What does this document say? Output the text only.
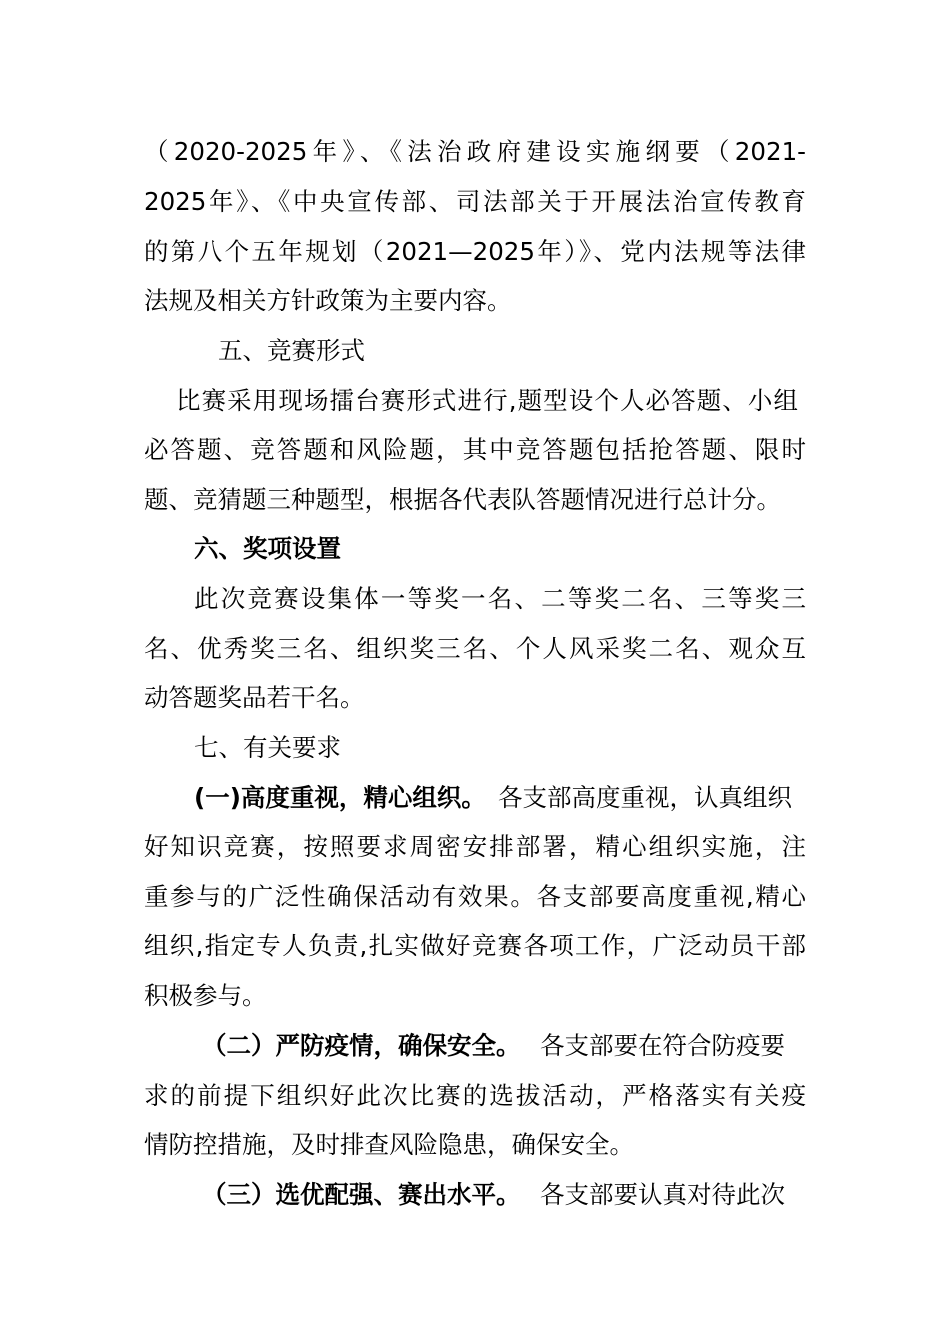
（2020-2025年》、《法治政府建设实施纲要（2021-
2025年》、《中央宣传部、司法部关于开展法治宣传教育
的第八个五年规划（2021—2025年）》、党内法规等法律
法规及相关方针政策为主要内容。
五、竞赛形式
比赛采用现场擂台赛形式进行,题型设个人必答题、小组
必答题、竞答题和风险题，其中竞答题包括抢答题、限时
题、竞猜题三种题型，根据各代表队答题情况进行总计分。
六、奖项设置
此次竞赛设集体一等奖一名、二等奖二名、三等奖三
名、优秀奖三名、组织奖三名、个人风采奖二名、观众互
动答题奖品若干名。
七、有关要求
(一)高度重视，精心组织。 各支部高度重视，认真组织
好知识竞赛，按照要求周密安排部署，精心组织实施，注
重参与的广泛性确保活动有效果。各支部要高度重视,精心
组织,指定专人负责,扎实做好竞赛各项工作，广泛动员干部
积极参与。
（二）严防疫情，确保安全。 各支部要在符合防疫要
求的前提下组织好此次比赛的选拔活动，严格落实有关疫
情防控措施，及时排查风险隐患，确保安全。
（三）选优配强、赛出水平。 各支部要认真对待此次
